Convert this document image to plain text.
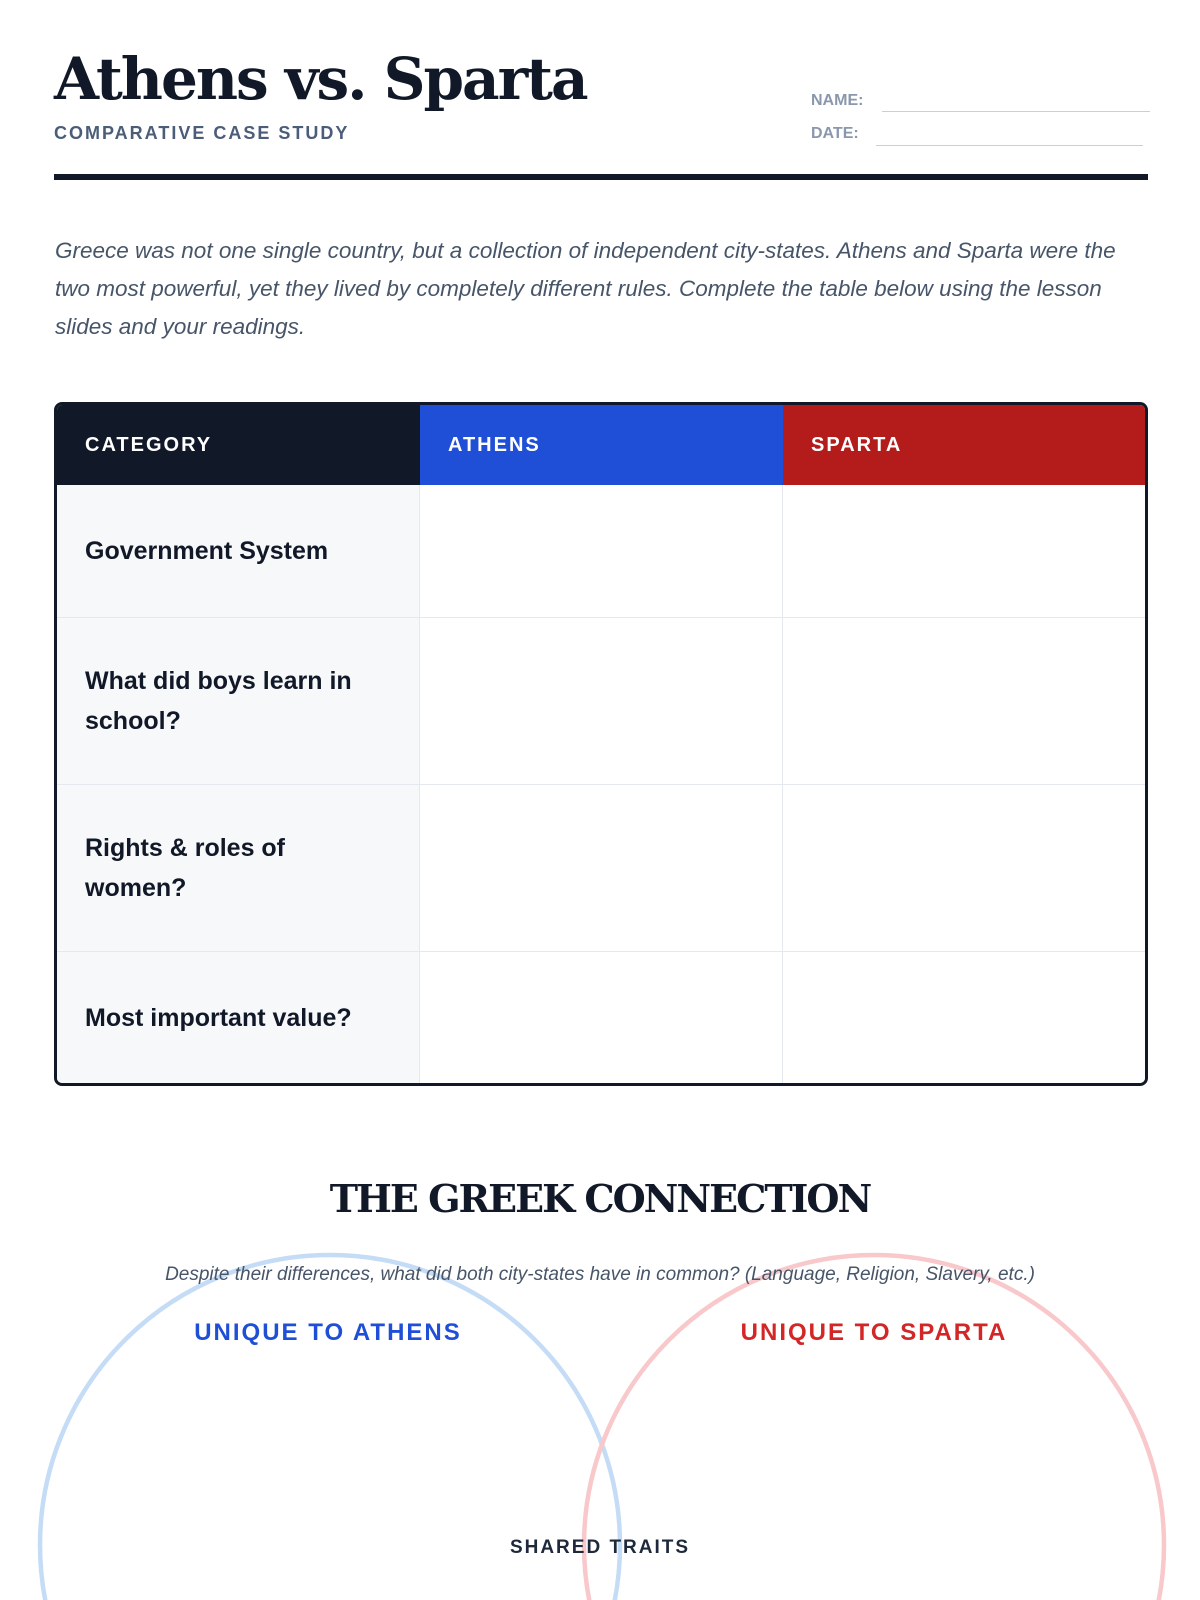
Athens vs. Sparta
COMPARATIVE CASE STUDY
NAME:
DATE:

Greece was not one single country, but a collection of independent city-states. Athens and Sparta were the two most powerful, yet they lived by completely different rules. Complete the table below using the lesson slides and your readings.

CATEGORY	ATHENS	SPARTA
Government System
What did boys learn in school?
Rights & roles of women?
Most important value?
THE GREEK CONNECTION
Despite their differences, what did both city-states have in common? (Language, Religion, Slavery, etc.)
UNIQUE TO ATHENS	UNIQUE TO SPARTA
SHARED TRAITS
